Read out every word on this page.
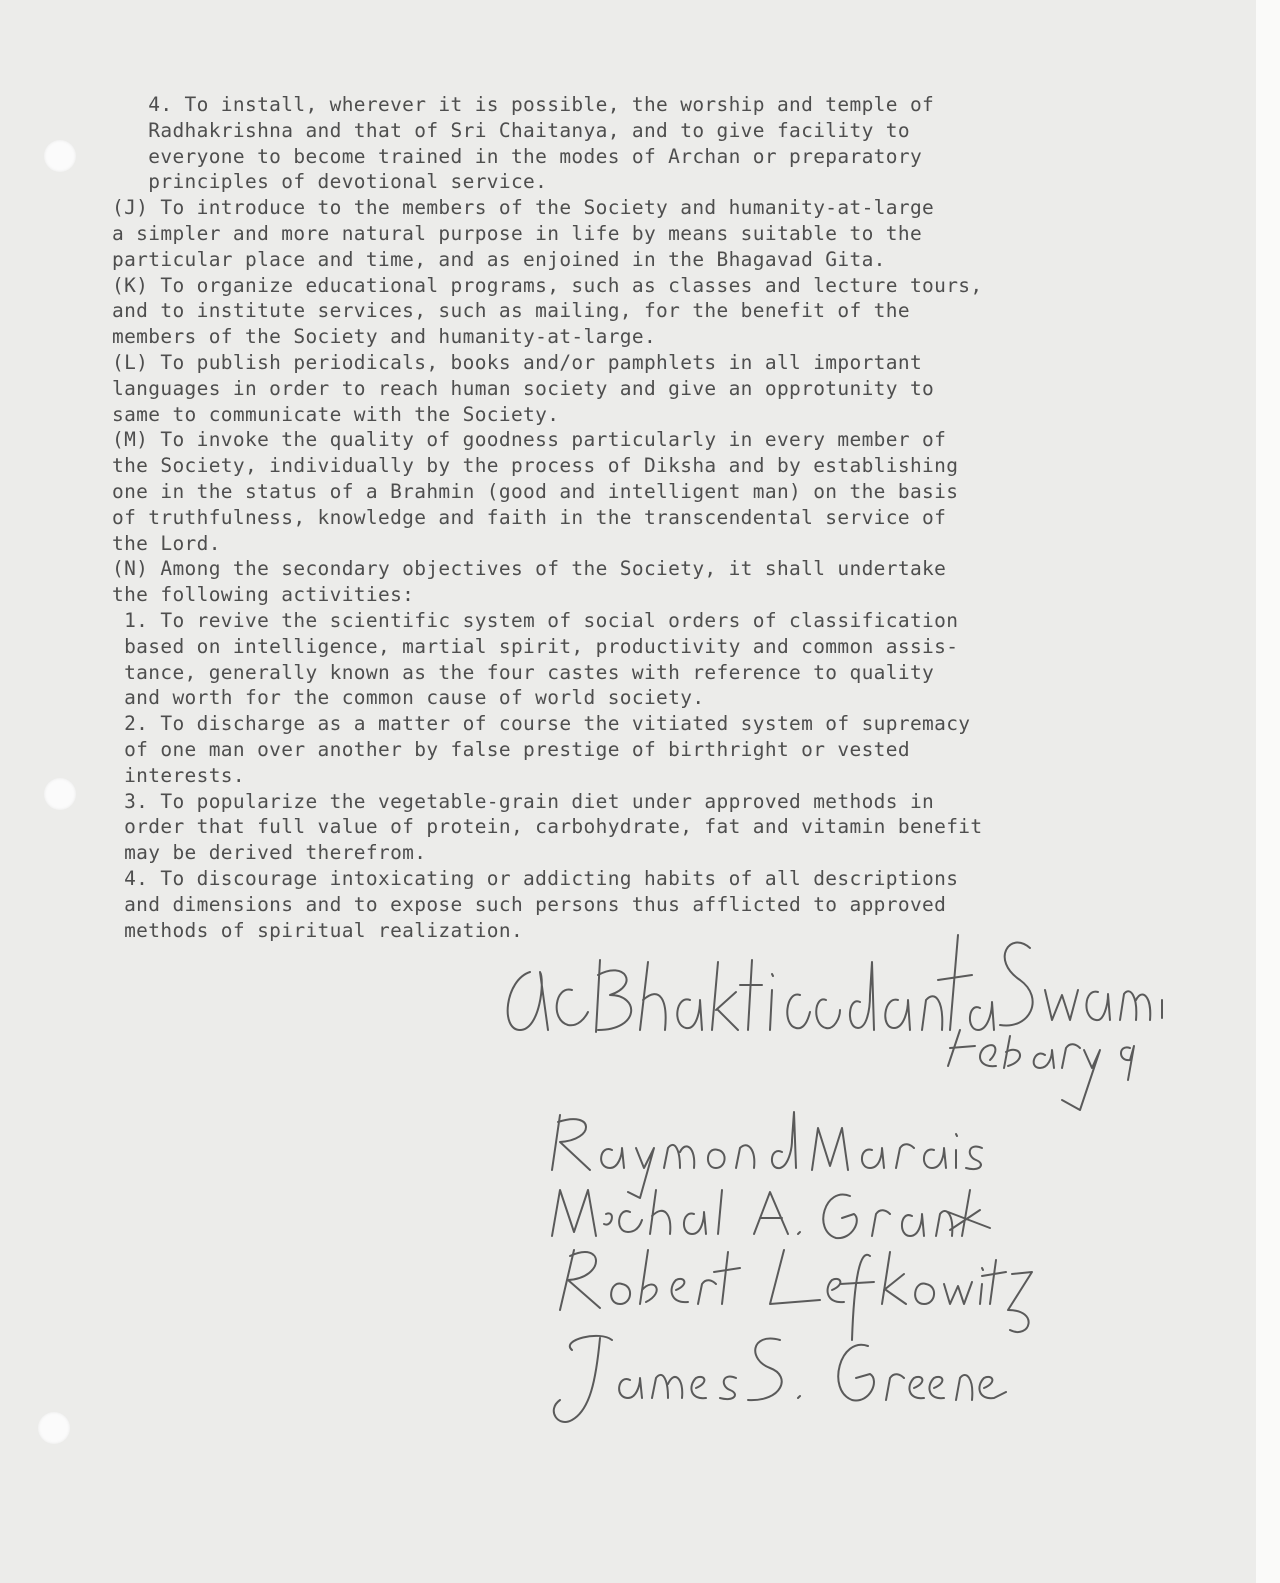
4. To install, wherever it is possible, the worship and temple of
Radhakrishna and that of Sri Chaitanya, and to give facility to
everyone to become trained in the modes of Archan or preparatory
principles of devotional service.
(J) To introduce to the members of the Society and humanity-at-large
a simpler and more natural purpose in life by means suitable to the
particular place and time, and as enjoined in the Bhagavad Gita.
(K) To organize educational programs, such as classes and lecture tours,
and to institute services, such as mailing, for the benefit of the
members of the Society and humanity-at-large.
(L) To publish periodicals, books and/or pamphlets in all important
languages in order to reach human society and give an opprotunity to
same to communicate with the Society.
(M) To invoke the quality of goodness particularly in every member of
the Society, individually by the process of Diksha and by establishing
one in the status of a Brahmin (good and intelligent man) on the basis
of truthfulness, knowledge and faith in the transcendental service of
the Lord.
(N) Among the secondary objectives of the Society, it shall undertake
the following activities:
1. To revive the scientific system of social orders of classification
based on intelligence, martial spirit, productivity and common assis-
tance, generally known as the four castes with reference to quality
and worth for the common cause of world society.
2. To discharge as a matter of course the vitiated system of supremacy
of one man over another by false prestige of birthright or vested
interests.
3. To popularize the vegetable-grain diet under approved methods in
order that full value of protein, carbohydrate, fat and vitamin benefit
may be derived therefrom.
4. To discourage intoxicating or addicting habits of all descriptions
and dimensions and to expose such persons thus afflicted to approved
methods of spiritual realization.
